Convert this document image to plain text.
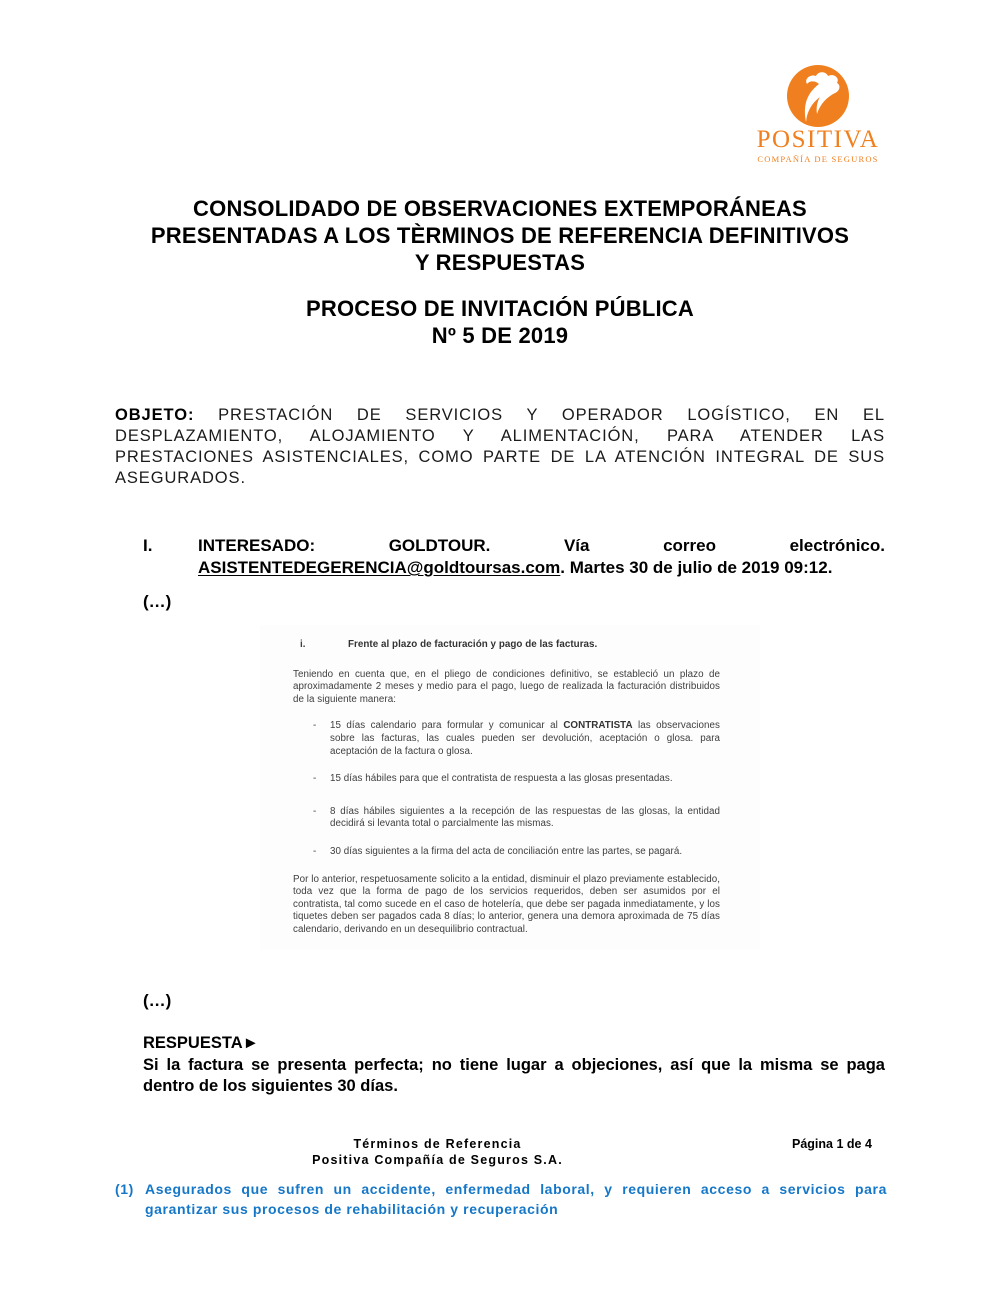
POSITIVA
COMPAÑÍA DE SEGUROS
CONSOLIDADO DE OBSERVACIONES EXTEMPORÁNEAS
PRESENTADAS A LOS TÈRMINOS DE REFERENCIA DEFINITIVOS
Y RESPUESTAS
PROCESO DE INVITACIÓN PÚBLICA
Nº 5 DE 2019

OBJETO: PRESTACIÓN DE SERVICIOS Y OPERADOR LOGÍSTICO, EN EL DESPLAZAMIENTO, ALOJAMIENTO Y ALIMENTACIÓN, PARA ATENDER LAS PRESTACIONES ASISTENCIALES, COMO PARTE DE LA ATENCIÓN INTEGRAL DE SUS ASEGURADOS.

I.	INTERESADO: GOLDTOUR. Vía correo electrónico.
ASISTENTEDEGERENCIA@goldtoursas.com. Martes 30 de julio de 2019 09:12.
(…)
i.	Frente al plazo de facturación y pago de las facturas.

Teniendo en cuenta que, en el pliego de condiciones definitivo, se estableció un plazo de aproximadamente 2 meses y medio para el pago, luego de realizada la facturación distribuidos de la siguiente manera:

- 15 días calendario para formular y comunicar al CONTRATISTA las observaciones sobre las facturas, las cuales pueden ser devolución, aceptación o glosa. para aceptación de la factura o glosa.
- 15 días hábiles para que el contratista de respuesta a las glosas presentadas.
- 8 días hábiles siguientes a la recepción de las respuestas de las glosas, la entidad decidirá si levanta total o parcialmente las mismas.
- 30 días siguientes a la firma del acta de conciliación entre las partes, se pagará.

Por lo anterior, respetuosamente solicito a la entidad, disminuir el plazo previamente establecido, toda vez que la forma de pago de los servicios requeridos, deben ser asumidos por el contratista, tal como sucede en el caso de hotelería, que debe ser pagada inmediatamente, y los tiquetes deben ser pagados cada 8 días; lo anterior, genera una demora aproximada de 75 días calendario, derivando en un desequilibrio contractual.

(…)
RESPUESTA►
Si la factura se presenta perfecta; no tiene lugar a objeciones, así que la misma se paga dentro de los siguientes 30 días.
Términos de Referencia
Positiva Compañía de Seguros S.A.
Página 1 de 4
(1) Asegurados que sufren un accidente, enfermedad laboral, y requieren acceso a servicios para garantizar sus procesos de rehabilitación y recuperación
